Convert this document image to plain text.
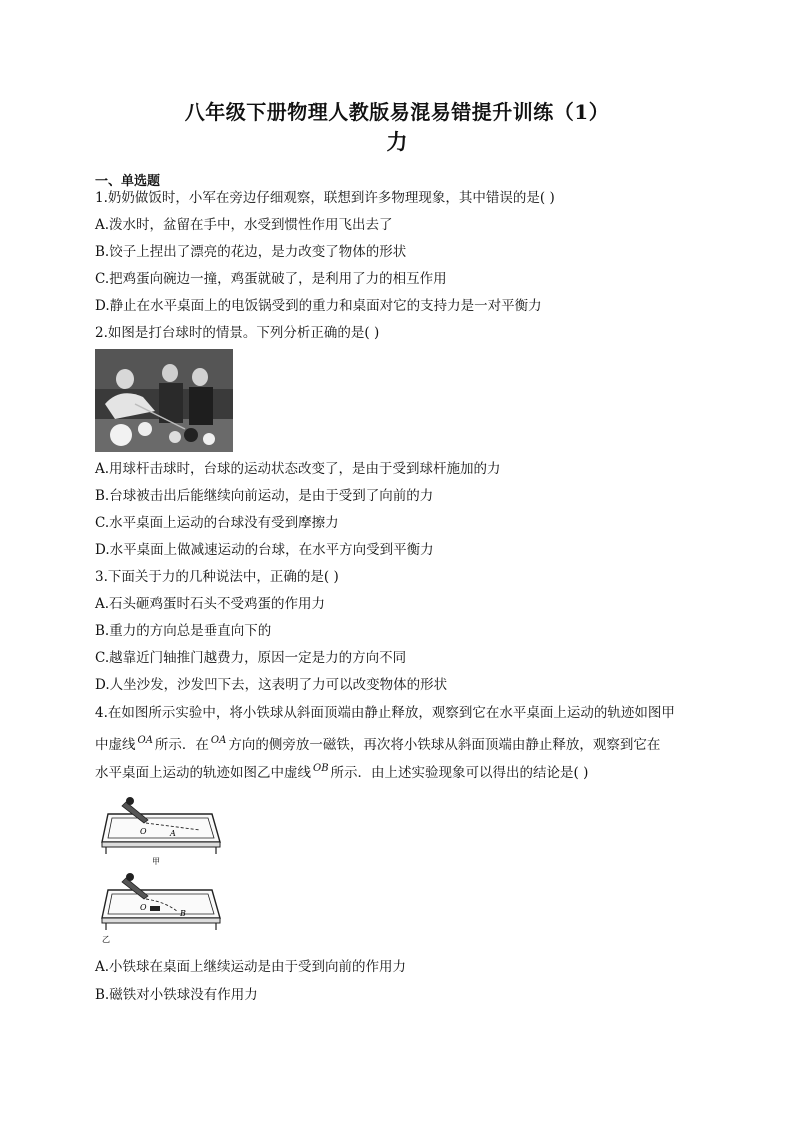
八年级下册物理人教版易混易错提升训练（1）
力
一、单选题
1.奶奶做饭时，小军在旁边仔细观察，联想到许多物理现象，其中错误的是( )
A.泼水时，盆留在手中，水受到惯性作用飞出去了
B.饺子上捏出了漂亮的花边，是力改变了物体的形状
C.把鸡蛋向碗边一撞，鸡蛋就破了，是利用了力的相互作用
D.静止在水平桌面上的电饭锅受到的重力和桌面对它的支持力是一对平衡力
2.如图是打台球时的情景。下列分析正确的是( )
A.用球杆击球时，台球的运动状态改变了，是由于受到球杆施加的力
B.台球被击出后能继续向前运动，是由于受到了向前的力
C.水平桌面上运动的台球没有受到摩擦力
D.水平桌面上做减速运动的台球，在水平方向受到平衡力
3.下面关于力的几种说法中，正确的是( )
A.石头砸鸡蛋时石头不受鸡蛋的作用力
B.重力的方向总是垂直向下的
C.越靠近门轴推门越费力，原因一定是力的方向不同
D.人坐沙发，沙发凹下去，这表明了力可以改变物体的形状
4.在如图所示实验中，将小铁球从斜面顶端由静止释放，观察到它在水平桌面上运动的轨迹如图甲
中虚线 $^{OA}$ 所示．在 $^{OA}$ 方向的侧旁放一磁铁，再次将小铁球从斜面顶端由静止释放，观察到它在
水平桌面上运动的轨迹如图乙中虚线 $^{OB}$ 所示．由上述实验现象可以得出的结论是( )
O	A
甲
O
B
乙
A.小铁球在桌面上继续运动是由于受到向前的作用力
B.磁铁对小铁球没有作用力
